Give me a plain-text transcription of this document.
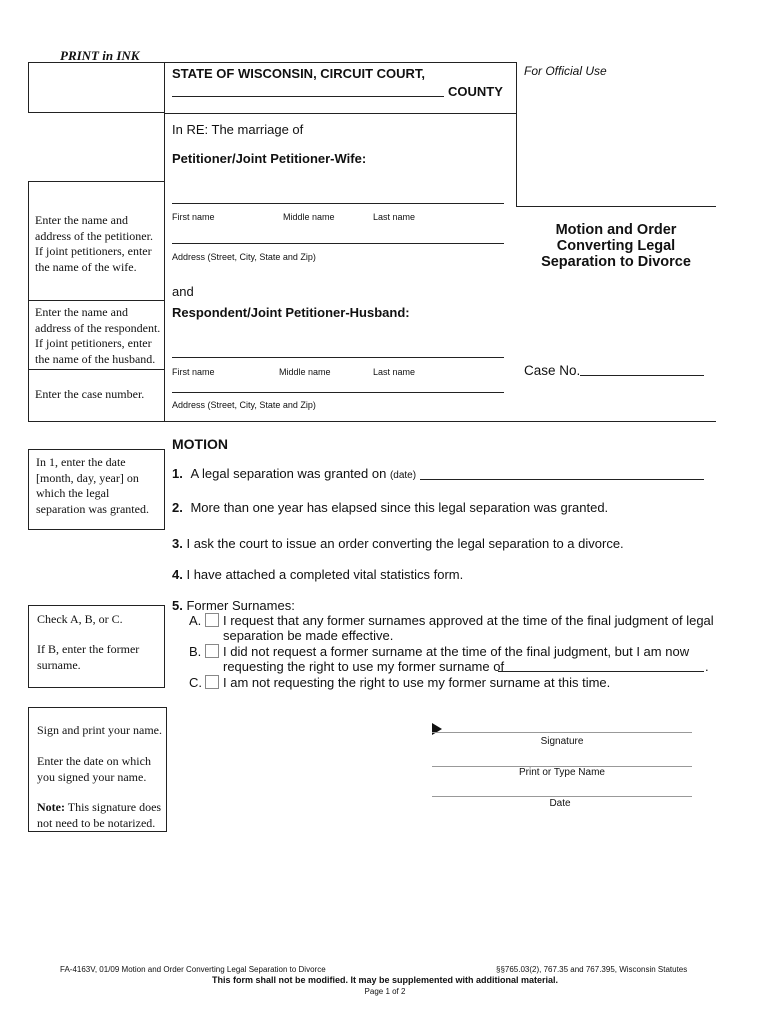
PRINT in INK
STATE OF WISCONSIN, CIRCUIT COURT,
COUNTY
For Official Use
In RE: The marriage of
Petitioner/Joint Petitioner-Wife:
First name	Middle name	Last name
Address (Street, City, State and Zip)
and
Respondent/Joint Petitioner-Husband:
First name	Middle name	Last name
Address (Street, City, State and Zip)
Motion and Order
Converting Legal
Separation to Divorce
Case No.
Enter the name and address of the petitioner. If joint petitioners, enter the name of the wife.
Enter the name and address of the respondent. If joint petitioners, enter the name of the husband.
Enter the case number.
MOTION
In 1, enter the date [month, day, year] on which the legal separation was granted.
1. A legal separation was granted on (date)
2. More than one year has elapsed since this legal separation was granted.
3. I ask the court to issue an order converting the legal separation to a divorce.
4. I have attached a completed vital statistics form.
5. Former Surnames:
A. I request that any former surnames approved at the time of the final judgment of legal
separation be made effective.
B. I did not request a former surname at the time of the final judgment, but I am now
requesting the right to use my former surname of	.
C. I am not requesting the right to use my former surname at this time.
Check A, B, or C.
If B, enter the former surname.
Sign and print your name.
Enter the date on which you signed your name.
Note: This signature does not need to be notarized.
Signature
Print or Type Name
Date
FA-4163V, 01/09 Motion and Order Converting Legal Separation to Divorce	§§765.03(2), 767.35 and 767.395, Wisconsin Statutes
This form shall not be modified. It may be supplemented with additional material.
Page 1 of 2
